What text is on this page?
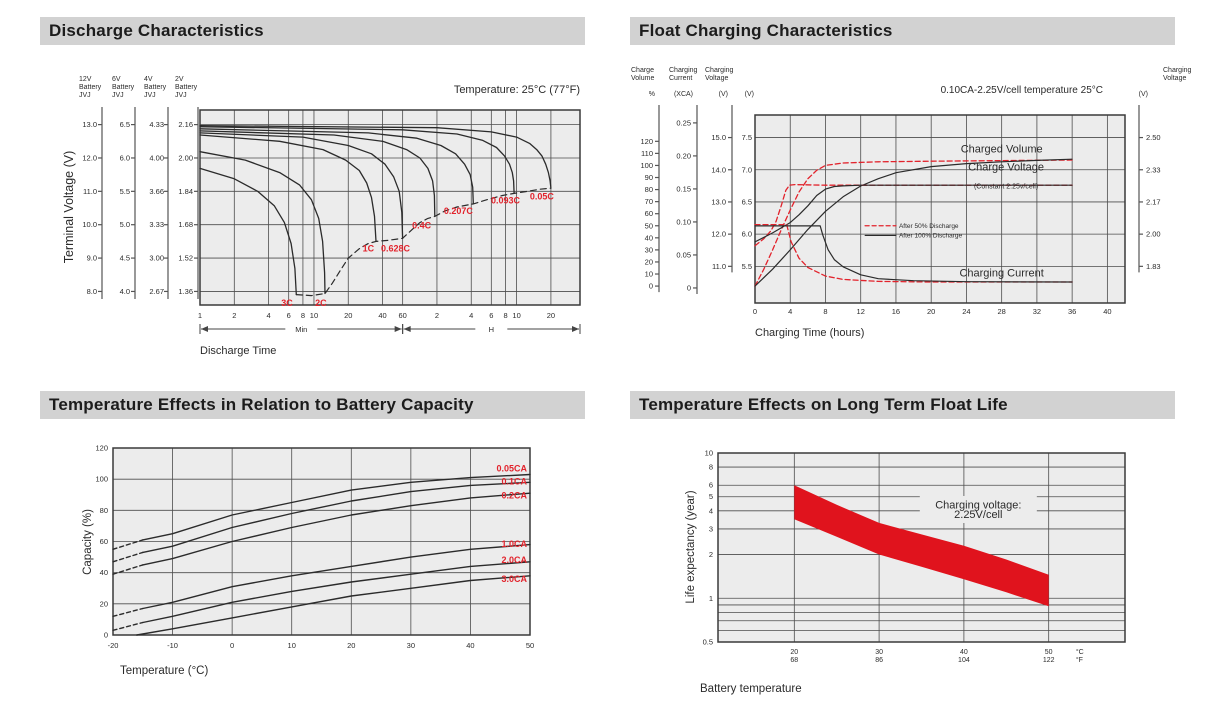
Discharge Characteristics	Float Charging Characteristics
Temperature Effects in Relation to Battery Capacity	Temperature Effects on Long Term Float Life
3C 2C
1C 0.628C
0.4C
0.207C
0.093C 0.05C
12V
Battery
JVJ
13.0
12.0
11.0
10.0
9.0
8.0
6V
Battery
JVJ
6.5
6.0
5.5
5.0
4.5
4.0
4V
Battery
JVJ
4.33
4.00
3.66
3.33
3.00
2.67
2V
Battery
JVJ
2.16
2.00
1.84
1.68
1.52
1.36
Terminal Voltage (V)
Temperature: 25°C (77°F)
1	2	4 6 8 10	20	40 60	2	4 6 8 10	20
Min	H
Discharge Time
Charged Volume
Charge Voltage
(Constant 2.25v/cell)
Charging Current
After 50% Discharge
After 100% Discharge
Charge
Volume
%
120
110
100
90
80
70
60
50
40
30
20
10
0
Charging
Current
(XCA)
0.25
0.20
0.15
0.10
0.05
0
Charging
Voltage
(V)
15.0
14.0
13.0
12.0
11.0
(V)
7.5
7.0
6.5
6.0
5.5
Charging
Voltage
(V)
2.50
2.33
2.17
2.00
1.83
0.10CA-2.25V/cell temperature 25°C
0	4	8	12	16	20	24	28	32	36	40
Charging Time (hours)
0.05CA
0.1CA
0.2CA
1.0CA
2.0CA
3.0CA
0
20
40
60
80
100
120
-20	-10	0	10	20	30	40	50
Capacity (%)
Temperature (°C)
Charging voltage:
2.25V/cell
10
8
6
5
4
3
2
1
0.5
20
68
30
86
40
104
50
122
°C
°F
Life expectancy (year)
Battery temperature
